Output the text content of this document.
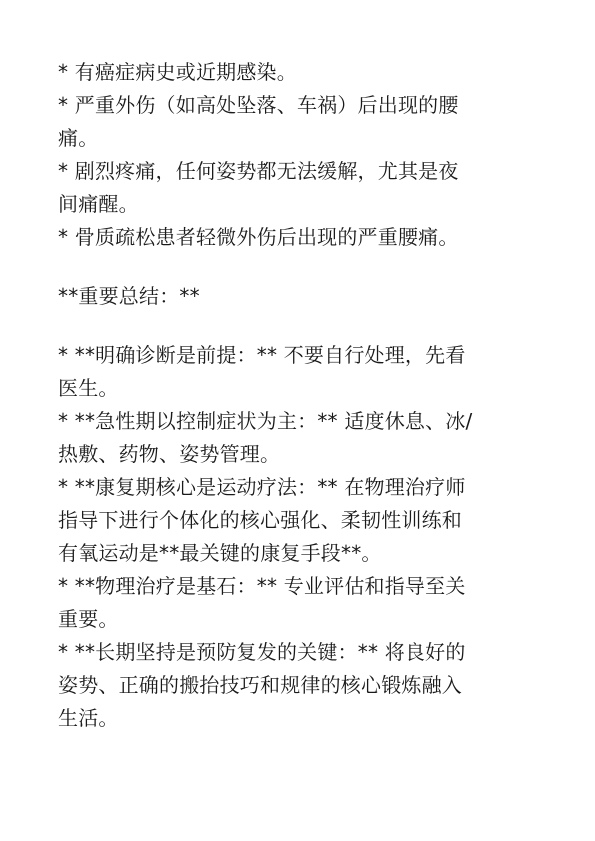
* 有癌症病史或近期感染。
* 严重外伤（如高处坠落、车祸）后出现的腰
痛。
* 剧烈疼痛，任何姿势都无法缓解，尤其是夜
间痛醒。
* 骨质疏松患者轻微外伤后出现的严重腰痛。
**重要总结：**
* **明确诊断是前提：** 不要自行处理，先看
医生。
* **急性期以控制症状为主：** 适度休息、冰/
热敷、药物、姿势管理。
* **康复期核心是运动疗法：** 在物理治疗师
指导下进行个体化的核心强化、柔韧性训练和
有氧运动是**最关键的康复手段**。
* **物理治疗是基石：** 专业评估和指导至关
重要。
* **长期坚持是预防复发的关键：** 将良好的
姿势、正确的搬抬技巧和规律的核心锻炼融入
生活。
